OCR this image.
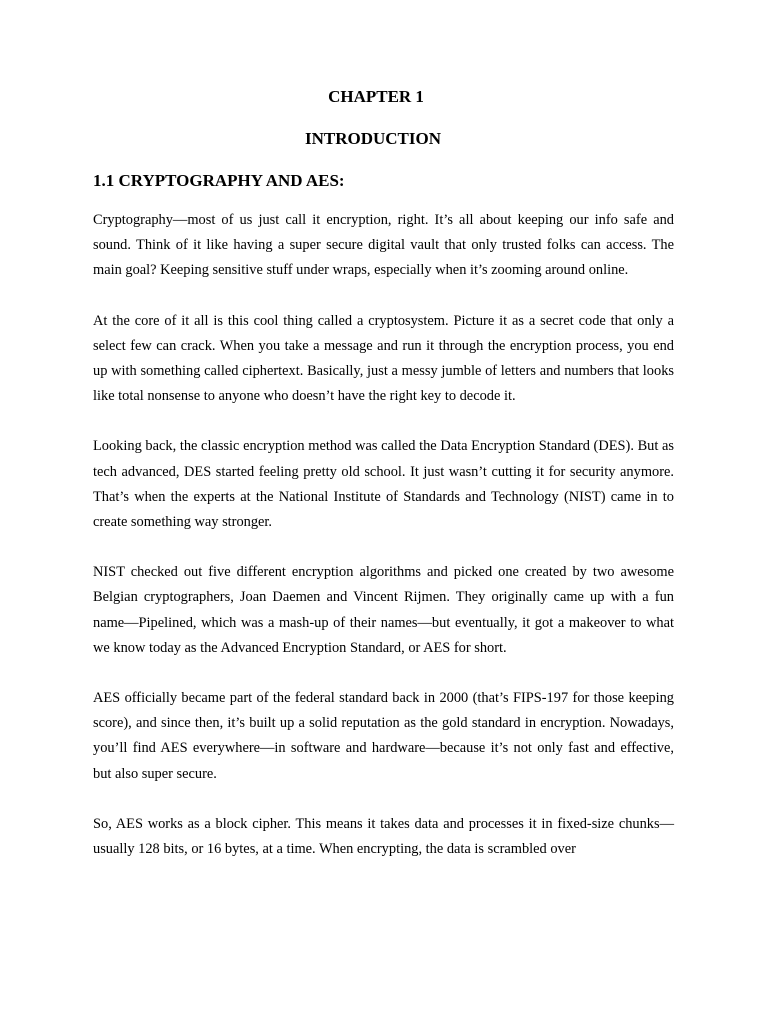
CHAPTER 1
INTRODUCTION
1.1 CRYPTOGRAPHY AND AES:

Cryptography—most of us just call it encryption, right. It’s all about keeping our info safe and sound. Think of it like having a super secure digital vault that only trusted folks can access. The main goal? Keeping sensitive stuff under wraps, especially when it’s zooming around online.

At the core of it all is this cool thing called a cryptosystem. Picture it as a secret code that only a select few can crack. When you take a message and run it through the encryption process, you end up with something called ciphertext. Basically, just a messy jumble of letters and numbers that looks like total nonsense to anyone who doesn’t have the right key to decode it.

Looking back, the classic encryption method was called the Data Encryption Standard (DES). But as tech advanced, DES started feeling pretty old school. It just wasn’t cutting it for security anymore. That’s when the experts at the National Institute of Standards and Technology (NIST) came in to create something way stronger.

NIST checked out five different encryption algorithms and picked one created by two awesome Belgian cryptographers, Joan Daemen and Vincent Rijmen. They originally came up with a fun name—Pipelined, which was a mash-up of their names—but eventually, it got a makeover to what we know today as the Advanced Encryption Standard, or AES for short.

AES officially became part of the federal standard back in 2000 (that’s FIPS-197 for those keeping score), and since then, it’s built up a solid reputation as the gold standard in encryption. Nowadays, you’ll find AES everywhere—in software and hardware—because it’s not only fast and effective, but also super secure.

So, AES works as a block cipher. This means it takes data and processes it in fixed-size chunks—usually 128 bits, or 16 bytes, at a time. When encrypting, the data is scrambled over
